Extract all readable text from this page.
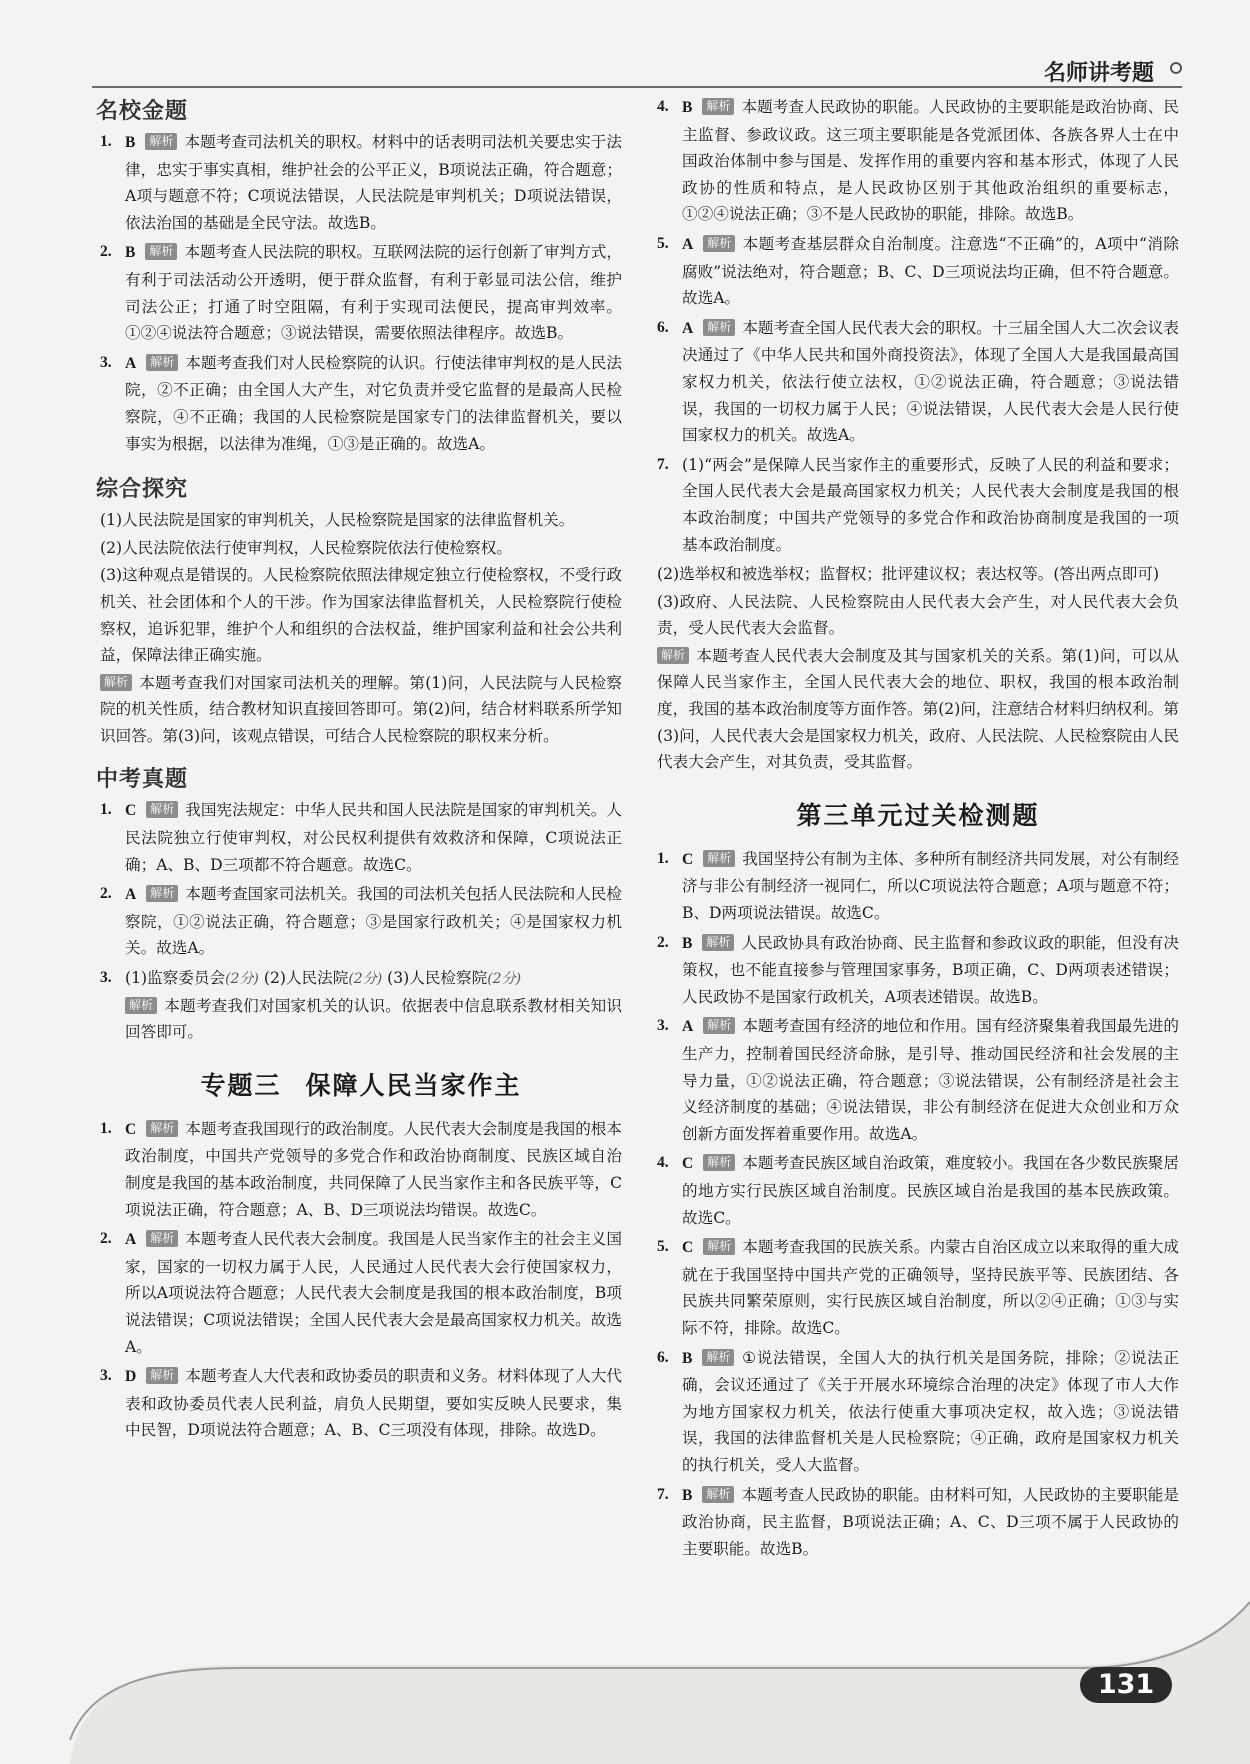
名师讲考题
名校金题
1. B 解析 本题考查司法机关的职权。材料中的话表明司法机关要忠实于法律，忠实于事实真相，维护社会的公平正义，B项说法正确，符合题意；A项与题意不符；C项说法错误，人民法院是审判机关；D项说法错误，依法治国的基础是全民守法。故选B。
2. B 解析 本题考查人民法院的职权。互联网法院的运行创新了审判方式，有利于司法活动公开透明，便于群众监督，有利于彰显司法公信，维护司法公正；打通了时空阻隔，有利于实现司法便民，提高审判效率。①②④说法符合题意；③说法错误，需要依照法律程序。故选B。
3. A 解析 本题考查我们对人民检察院的认识。行使法律审判权的是人民法院，②不正确；由全国人大产生，对它负责并受它监督的是最高人民检察院，④不正确；我国的人民检察院是国家专门的法律监督机关，要以事实为根据，以法律为准绳，①③是正确的。故选A。
综合探究
(1)人民法院是国家的审判机关，人民检察院是国家的法律监督机关。
(2)人民法院依法行使审判权，人民检察院依法行使检察权。
(3)这种观点是错误的。人民检察院依照法律规定独立行使检察权，不受行政机关、社会团体和个人的干涉。作为国家法律监督机关，人民检察院行使检察权，追诉犯罪，维护个人和组织的合法权益，维护国家利益和社会公共利益，保障法律正确实施。
解析 本题考查我们对国家司法机关的理解。第(1)问，人民法院与人民检察院的机关性质，结合教材知识直接回答即可。第(2)问，结合材料联系所学知识回答。第(3)问，该观点错误，可结合人民检察院的职权来分析。
中考真题
1. C 解析 我国宪法规定：中华人民共和国人民法院是国家的审判机关。人民法院独立行使审判权，对公民权利提供有效救济和保障，C项说法正确；A、B、D三项都不符合题意。故选C。
2. A 解析 本题考查国家司法机关。我国的司法机关包括人民法院和人民检察院，①②说法正确，符合题意；③是国家行政机关；④是国家权力机关。故选A。
3. (1)监察委员会(2分) (2)人民法院(2分) (3)人民检察院(2分)
解析 本题考查我们对国家机关的认识。依据表中信息联系教材相关知识回答即可。
专题三 保障人民当家作主
1. C 解析 本题考查我国现行的政治制度。人民代表大会制度是我国的根本政治制度，中国共产党领导的多党合作和政治协商制度、民族区域自治制度是我国的基本政治制度，共同保障了人民当家作主和各民族平等，C项说法正确，符合题意；A、B、D三项说法均错误。故选C。
2. A 解析 本题考查人民代表大会制度。我国是人民当家作主的社会主义国家，国家的一切权力属于人民，人民通过人民代表大会行使国家权力，所以A项说法符合题意；人民代表大会制度是我国的根本政治制度，B项说法错误；C项说法错误；全国人民代表大会是最高国家权力机关。故选A。
3. D 解析 本题考查人大代表和政协委员的职责和义务。材料体现了人大代表和政协委员代表人民利益，肩负人民期望，要如实反映人民要求，集中民智，D项说法符合题意；A、B、C三项没有体现，排除。故选D。
4. B 解析 本题考查人民政协的职能。人民政协的主要职能是政治协商、民主监督、参政议政。这三项主要职能是各党派团体、各族各界人士在中国政治体制中参与国是、发挥作用的重要内容和基本形式，体现了人民政协的性质和特点，是人民政协区别于其他政治组织的重要标志，①②④说法正确；③不是人民政协的职能，排除。故选B。
5. A 解析 本题考查基层群众自治制度。注意选“不正确”的，A项中“消除腐败”说法绝对，符合题意；B、C、D三项说法均正确，但不符合题意。故选A。
6. A 解析 本题考查全国人民代表大会的职权。十三届全国人大二次会议表决通过了《中华人民共和国外商投资法》，体现了全国人大是我国最高国家权力机关，依法行使立法权，①②说法正确，符合题意；③说法错误，我国的一切权力属于人民；④说法错误，人民代表大会是人民行使国家权力的机关。故选A。
7. (1)“两会”是保障人民当家作主的重要形式，反映了人民的利益和要求；全国人民代表大会是最高国家权力机关；人民代表大会制度是我国的根本政治制度；中国共产党领导的多党合作和政治协商制度是我国的一项基本政治制度。
(2)选举权和被选举权；监督权；批评建议权；表达权等。(答出两点即可)
(3)政府、人民法院、人民检察院由人民代表大会产生，对人民代表大会负责，受人民代表大会监督。
解析 本题考查人民代表大会制度及其与国家机关的关系。第(1)问，可以从保障人民当家作主，全国人民代表大会的地位、职权，我国的根本政治制度，我国的基本政治制度等方面作答。第(2)问，注意结合材料归纳权利。第(3)问，人民代表大会是国家权力机关，政府、人民法院、人民检察院由人民代表大会产生，对其负责，受其监督。
第三单元过关检测题
1. C 解析 我国坚持公有制为主体、多种所有制经济共同发展，对公有制经济与非公有制经济一视同仁，所以C项说法符合题意；A项与题意不符；B、D两项说法错误。故选C。
2. B 解析 人民政协具有政治协商、民主监督和参政议政的职能，但没有决策权，也不能直接参与管理国家事务，B项正确，C、D两项表述错误；人民政协不是国家行政机关，A项表述错误。故选B。
3. A 解析 本题考查国有经济的地位和作用。国有经济聚集着我国最先进的生产力，控制着国民经济命脉，是引导、推动国民经济和社会发展的主导力量，①②说法正确，符合题意；③说法错误，公有制经济是社会主义经济制度的基础；④说法错误，非公有制经济在促进大众创业和万众创新方面发挥着重要作用。故选A。
4. C 解析 本题考查民族区域自治政策，难度较小。我国在各少数民族聚居的地方实行民族区域自治制度。民族区域自治是我国的基本民族政策。故选C。
5. C 解析 本题考查我国的民族关系。内蒙古自治区成立以来取得的重大成就在于我国坚持中国共产党的正确领导，坚持民族平等、民族团结、各民族共同繁荣原则，实行民族区域自治制度，所以②④正确；①③与实际不符，排除。故选C。
6. B 解析 ①说法错误，全国人大的执行机关是国务院，排除；②说法正确，会议还通过了《关于开展水环境综合治理的决定》体现了市人大作为地方国家权力机关，依法行使重大事项决定权，故入选；③说法错误，我国的法律监督机关是人民检察院；④正确，政府是国家权力机关的执行机关，受人大监督。
7. B 解析 本题考查人民政协的职能。由材料可知，人民政协的主要职能是政治协商，民主监督，B项说法正确；A、C、D三项不属于人民政协的主要职能。故选B。
131
